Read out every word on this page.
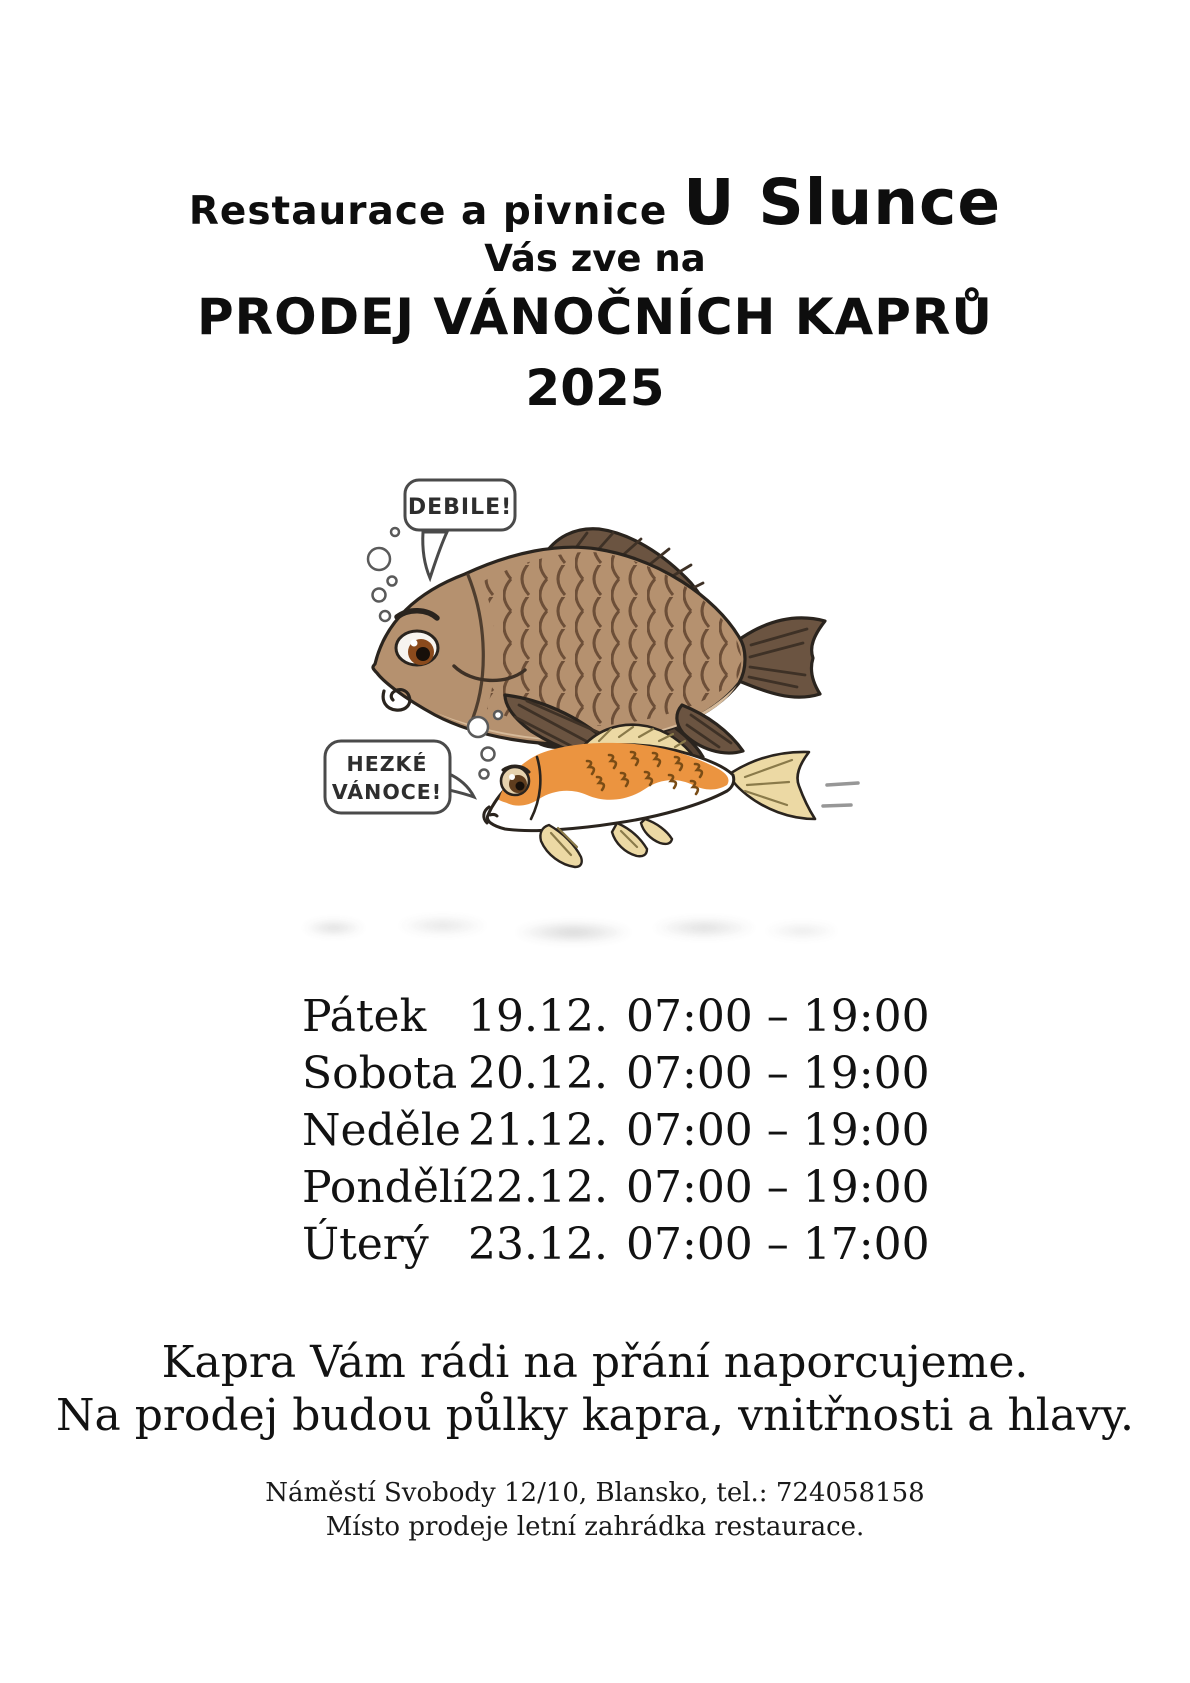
Restaurace a pivnice U Slunce
Vás zve na
PRODEJ VÁNOČNÍCH KAPRŮ
2025
DEBILE!
HEZKÉ
VÁNOCE!
Pátek 19.12. 07:00 – 19:00
Sobota 20.12. 07:00 – 19:00
Neděle 21.12. 07:00 – 19:00
Pondělí 22.12. 07:00 – 19:00
Úterý 23.12. 07:00 – 17:00
Kapra Vám rádi na přání naporcujeme.
Na prodej budou půlky kapra, vnitřnosti a hlavy.
Náměstí Svobody 12/10, Blansko, tel.: 724058158
Místo prodeje letní zahrádka restaurace.
